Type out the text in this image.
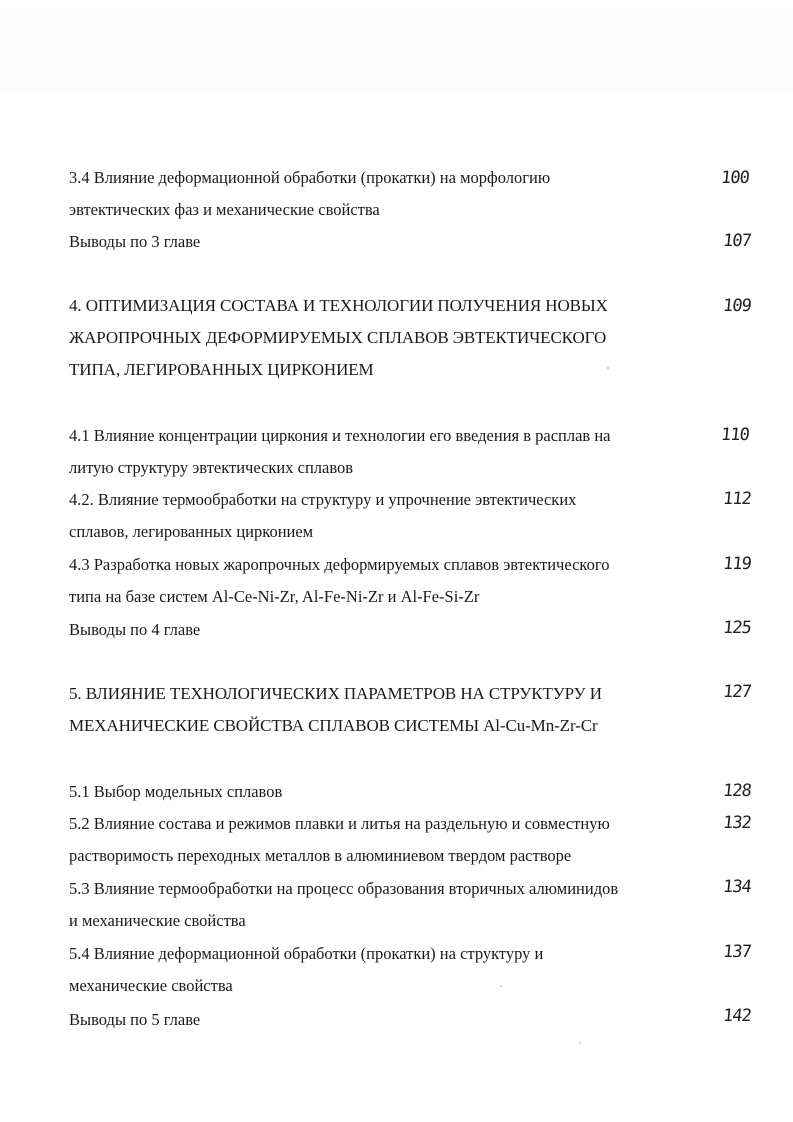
3.4 Влияние деформационной обработки (прокатки) на морфологию	100
эвтектических фаз и механические свойства
Выводы по 3 главе	107
4. ОПТИМИЗАЦИЯ СОСТАВА И ТЕХНОЛОГИИ ПОЛУЧЕНИЯ НОВЫХ	109
ЖАРОПРОЧНЫХ ДЕФОРМИРУЕМЫХ СПЛАВОВ ЭВТЕКТИЧЕСКОГО
ТИПА, ЛЕГИРОВАННЫХ ЦИРКОНИЕМ
4.1 Влияние концентрации циркония и технологии его введения в расплав на	110
литую структуру эвтектических сплавов
4.2. Влияние термообработки на структуру и упрочнение эвтектических	112
сплавов, легированных цирконием
4.3 Разработка новых жаропрочных деформируемых сплавов эвтектического	119
типа на базе систем Al-Ce-Ni-Zr, Al-Fe-Ni-Zr и Al-Fe-Si-Zr
Выводы по 4 главе	125
5. ВЛИЯНИЕ ТЕХНОЛОГИЧЕСКИХ ПАРАМЕТРОВ НА СТРУКТУРУ И	127
МЕХАНИЧЕСКИЕ СВОЙСТВА СПЛАВОВ СИСТЕМЫ Al-Cu-Mn-Zr-Cr
5.1 Выбор модельных сплавов	128
5.2 Влияние состава и режимов плавки и литья на раздельную и совместную	132
растворимость переходных металлов в алюминиевом твердом растворе
5.3 Влияние термообработки на процесс образования вторичных алюминидов	134
и механические свойства
5.4 Влияние деформационной обработки (прокатки) на структуру и	137
механические свойства
Выводы по 5 главе	142
